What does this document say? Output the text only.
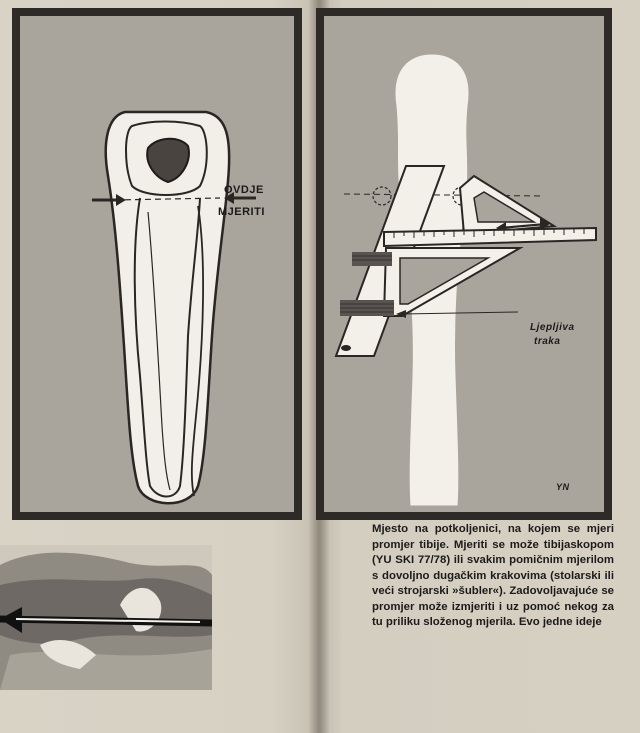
OVDJE
MJERITI
Ljepljiva
traka
YN

Mjesto na potkoljenici, na kojem se mjeri promjer tibije. Mjeriti se može tibijaskopom (YU SKI 77/78) ili svakim pomičnim mjerilom s dovoljno dugačkim krakovima (stolarski ili veći strojarski »šubler«). Zadovoljavajuće se promjer može izmjeriti i uz pomoć nekog za tu priliku složenog mjerila. Evo jedne ideje
